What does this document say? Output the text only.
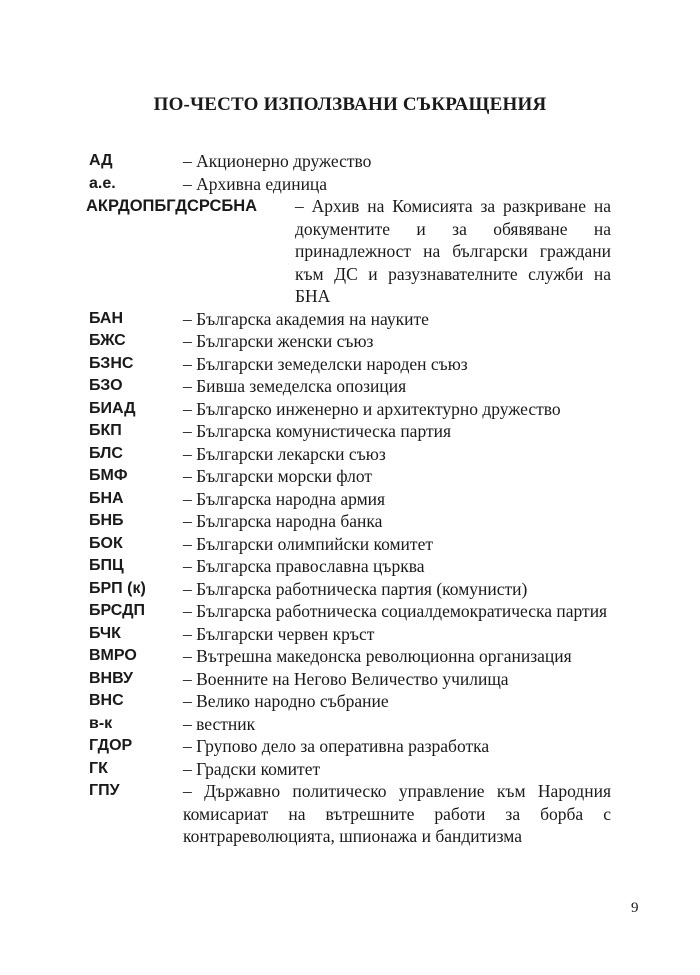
ПО-ЧЕСТО ИЗПОЛЗВАНИ СЪКРАЩЕНИЯ
АД	– Акционерно дружество
а.е.	– Архивна единица
АКРДОПБГДСРСБНА – Архив на Комисията за разкриване на документите и за обявяване на принадлежност на български граждани към ДС и разузнавателните служби на БНА
БАН	– Българска академия на науките
БЖС	– Български женски съюз
БЗНС	– Български земеделски народен съюз
БЗО	– Бивша земеделска опозиция
БИАД	– Българско инженерно и архитектурно дружество
БКП	– Българска комунистическа партия
БЛС	– Български лекарски съюз
БМФ	– Български морски флот
БНА	– Българска народна армия
БНБ	– Българска народна банка
БОК	– Български олимпийски комитет
БПЦ	– Българска православна църква
БРП (к) – Българска работническа партия (комунисти)
БРСДП – Българска работническа социалдемократическа партия
БЧК	– Български червен кръст
ВМРО	– Вътрешна македонска революционна организация
ВНВУ	– Военните на Негово Величество училища
ВНС	– Велико народно събрание
в-к	– вестник
ГДОР	– Групово дело за оперативна разработка
ГК	– Градски комитет
ГПУ	– Държавно политическо управление към Народния комисариат на вътрешните работи за борба с контрареволюцията, шпионажа и бандитизма
9
